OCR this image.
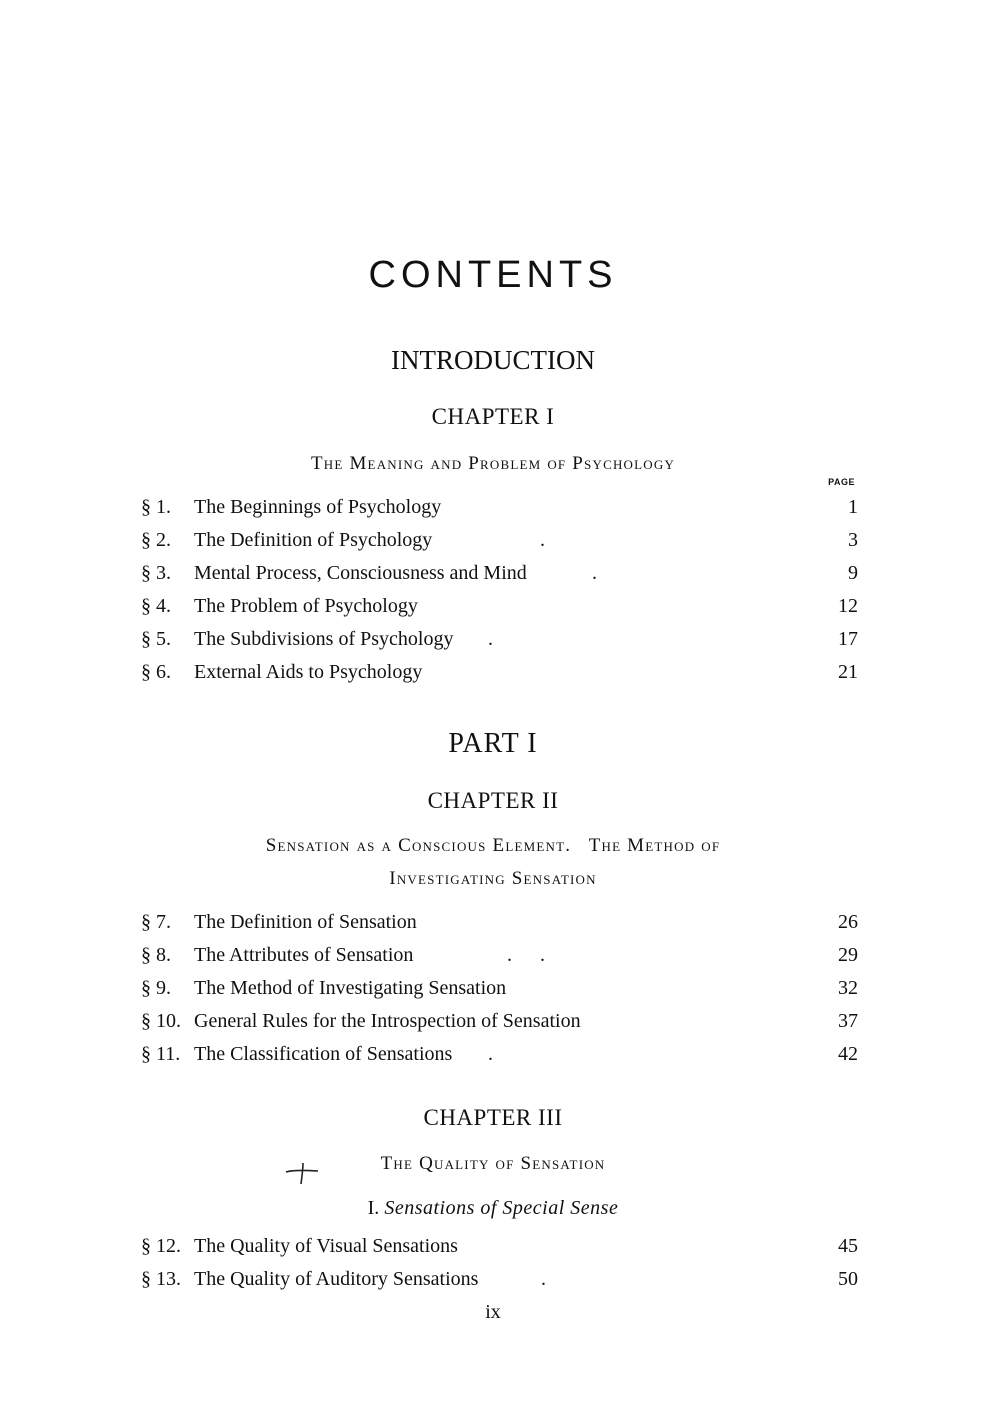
CONTENTS
INTRODUCTION
CHAPTER I
The Meaning and Problem of Psychology
PAGE
§ 1.	The Beginnings of Psychology	1
§ 2.	The Definition of Psychology	3
§ 3.	Mental Process, Consciousness and Mind	9
§ 4.	The Problem of Psychology	12
§ 5.	The Subdivisions of Psychology	17
§ 6.	External Aids to Psychology	21
.
.
.
PART I
CHAPTER II
Sensation as a Conscious Element.   The Method of
Investigating Sensation
§ 7.	The Definition of Sensation	26
§ 8.	The Attributes of Sensation	29
§ 9.	The Method of Investigating Sensation	32
§ 10. General Rules for the Introspection of Sensation	37
§ 11. The Classification of Sensations	42
. .
.
CHAPTER III
The Quality of Sensation
I. Sensations of Special Sense
§ 12. The Quality of Visual Sensations	45
§ 13. The Quality of Auditory Sensations	50
.
ix
